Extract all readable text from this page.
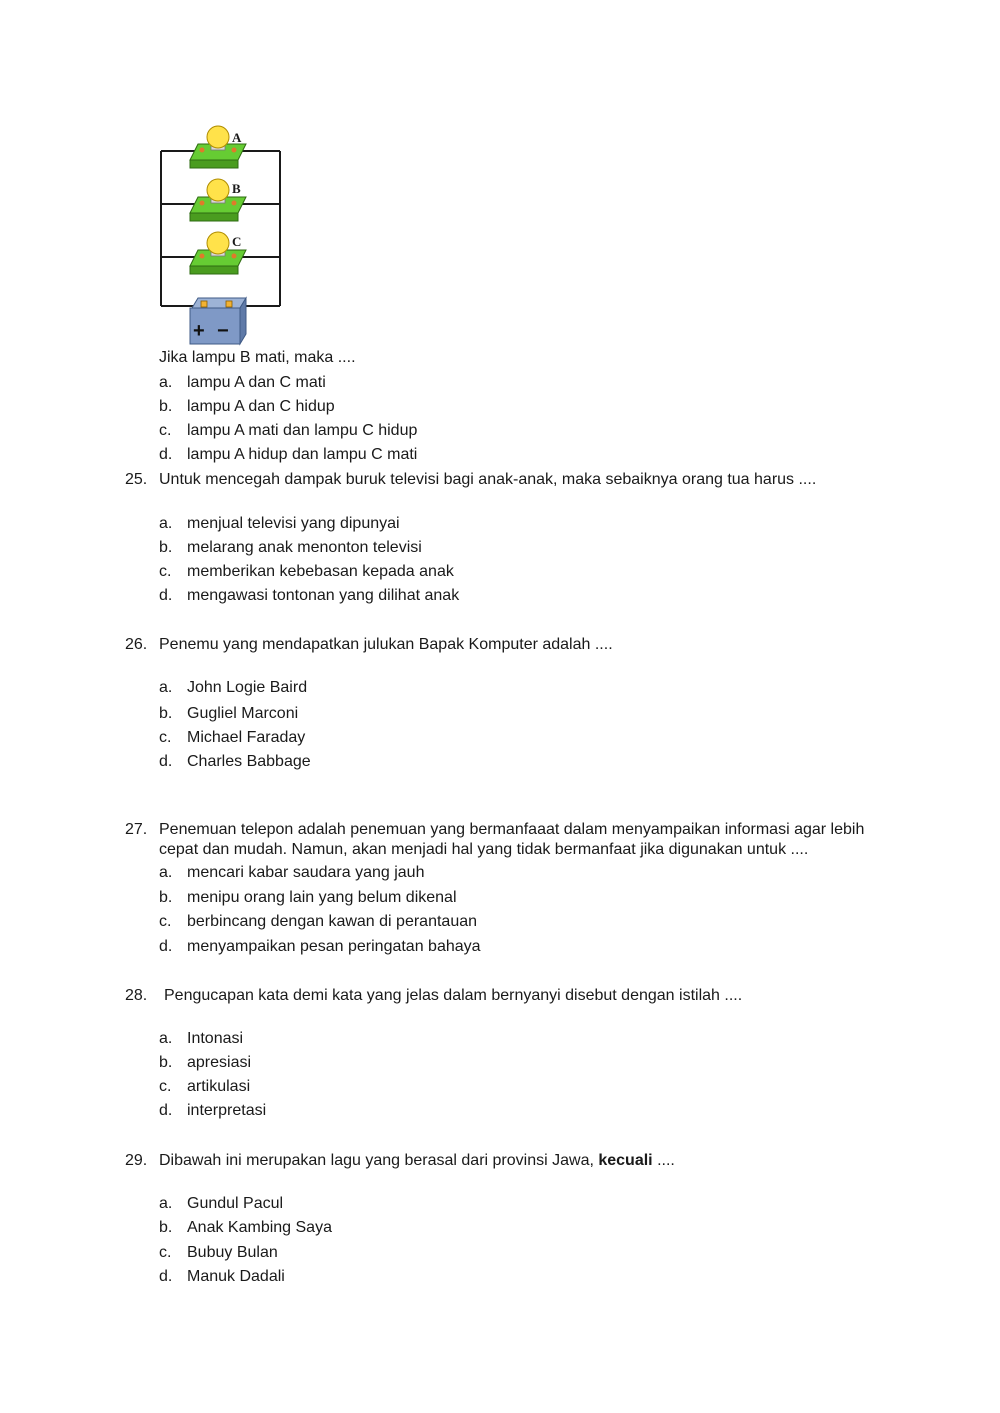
A
B
C
+ −
Jika lampu B mati, maka ....
a. lampu A dan C mati
b. lampu A dan C hidup
c. lampu A mati dan lampu C hidup
d. lampu A hidup dan lampu C mati
25. Untuk mencegah dampak buruk televisi bagi anak-anak, maka sebaiknya orang tua harus ....
a. menjual televisi yang dipunyai
b. melarang anak menonton televisi
c. memberikan kebebasan kepada anak
d. mengawasi tontonan yang dilihat anak
26. Penemu yang mendapatkan julukan Bapak Komputer adalah ....
a. John Logie Baird
b. Gugliel Marconi
c. Michael Faraday
d. Charles Babbage
27. Penemuan telepon adalah penemuan yang bermanfaaat dalam menyampaikan informasi agar lebih
cepat dan mudah. Namun, akan menjadi hal yang tidak bermanfaat jika digunakan untuk ....
a. mencari kabar saudara yang jauh
b. menipu orang lain yang belum dikenal
c. berbincang dengan kawan di perantauan
d. menyampaikan pesan peringatan bahaya
28. Pengucapan kata demi kata yang jelas dalam bernyanyi disebut dengan istilah ....
a. Intonasi
b. apresiasi
c. artikulasi
d. interpretasi
29. Dibawah ini merupakan lagu yang berasal dari provinsi Jawa, kecuali ....
a. Gundul Pacul
b. Anak Kambing Saya
c. Bubuy Bulan
d. Manuk Dadali
